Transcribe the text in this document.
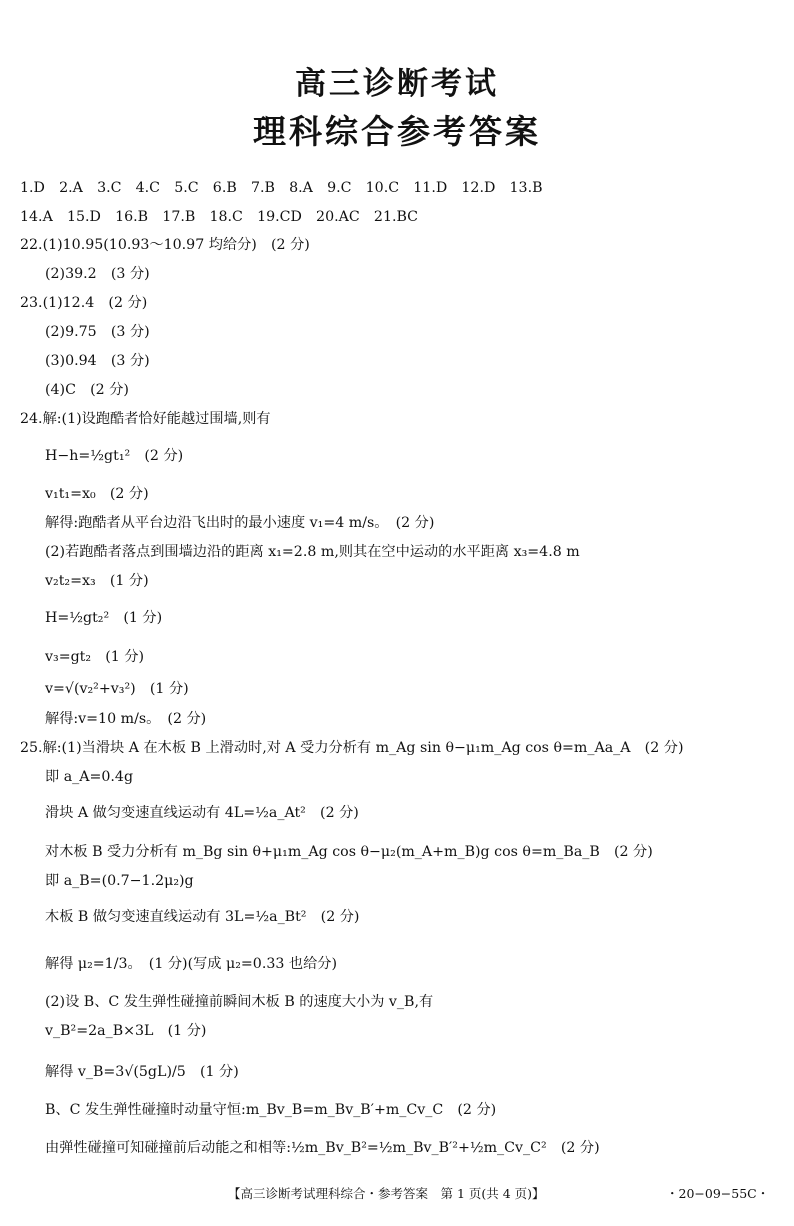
高三诊断考试
理科综合参考答案
1.D　2.A　3.C　4.C　5.C　6.B　7.B　8.A　9.C　10.C　11.D　12.D　13.B
14.A　15.D　16.B　17.B　18.C　19.CD　20.AC　21.BC
22.(1)10.95(10.93～10.97 均给分)　(2 分)
(2)39.2　(3 分)
23.(1)12.4　(2 分)
(2)9.75　(3 分)
(3)0.94　(3 分)
(4)C　(2 分)
24.解:(1)设跑酷者恰好能越过围墙,则有
H−h=½gt₁²　(2 分)
v₁t₁=x₀　(2 分)
解得:跑酷者从平台边沿飞出时的最小速度 v₁=4 m/s。　(2 分)
(2)若跑酷者落点到围墙边沿的距离 x₁=2.8 m,则其在空中运动的水平距离 x₃=4.8 m
v₂t₂=x₃　(1 分)
H=½gt₂²　(1 分)
v₃=gt₂　(1 分)
v=√(v₂²+v₃²)　(1 分)
解得:v=10 m/s。　(2 分)
25.解:(1)当滑块 A 在木板 B 上滑动时,对 A 受力分析有 m_Ag sin θ−μ₁m_Ag cos θ=m_Aa_A　(2 分)
即 a_A=0.4g
滑块 A 做匀变速直线运动有 4L=½a_At²　(2 分)
对木板 B 受力分析有 m_Bg sin θ+μ₁m_Ag cos θ−μ₂(m_A+m_B)g cos θ=m_Ba_B　(2 分)
即 a_B=(0.7−1.2μ₂)g
木板 B 做匀变速直线运动有 3L=½a_Bt²　(2 分)
解得 μ₂=1/3。　(1 分)(写成 μ₂=0.33 也给分)
(2)设 B、C 发生弹性碰撞前瞬间木板 B 的速度大小为 v_B,有
v_B²=2a_B×3L　(1 分)
解得 v_B=3√(5gL)/5　(1 分)
B、C 发生弹性碰撞时动量守恒:m_Bv_B=m_Bv_B′+m_Cv_C　(2 分)
由弹性碰撞可知碰撞前后动能之和相等:½m_Bv_B²=½m_Bv_B′²+½m_Cv_C²　(2 分)
【高三诊断考试理科综合・参考答案　第 1 页(共 4 页)】	・20−09−55C・
